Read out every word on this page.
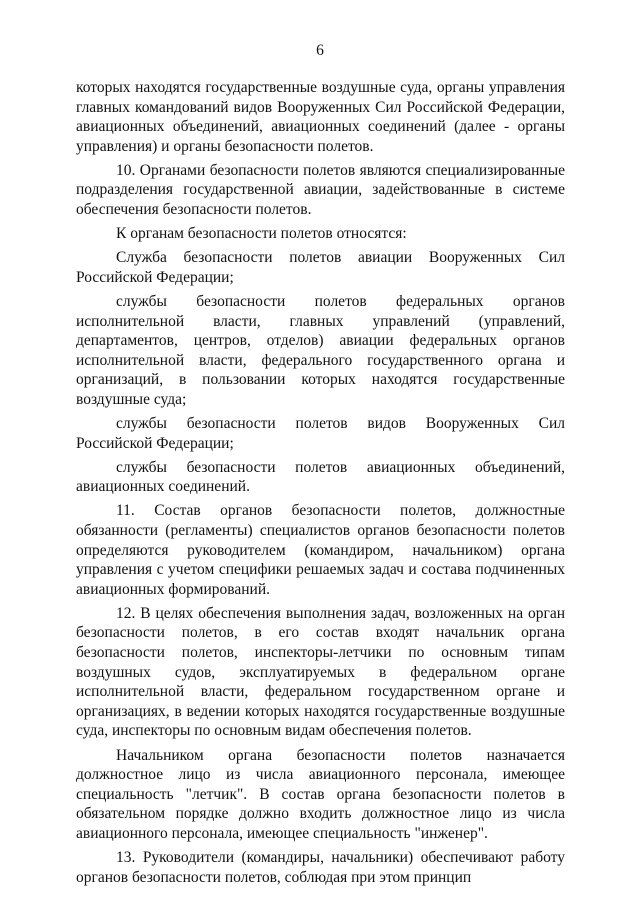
6

которых находятся государственные воздушные суда, органы управления главных командований видов Вооруженных Сил Российской Федерации, авиационных объединений, авиационных соединений (далее - органы управления) и органы безопасности полетов.

10. Органами безопасности полетов являются специализированные подразделения государственной авиации, задействованные в системе обеспечения безопасности полетов.

К органам безопасности полетов относятся:

Служба безопасности полетов авиации Вооруженных Сил Российской Федерации;

службы безопасности полетов федеральных органов исполнительной власти, главных управлений (управлений, департаментов, центров, отделов) авиации федеральных органов исполнительной власти, федерального государственного органа и организаций, в пользовании которых находятся государственные воздушные суда;

службы безопасности полетов видов Вооруженных Сил Российской Федерации;

службы безопасности полетов авиационных объединений, авиационных соединений.

11. Состав органов безопасности полетов, должностные обязанности (регламенты) специалистов органов безопасности полетов определяются руководителем (командиром, начальником) органа управления с учетом специфики решаемых задач и состава подчиненных авиационных формирований.

12. В целях обеспечения выполнения задач, возложенных на орган безопасности полетов, в его состав входят начальник органа безопасности полетов, инспекторы-летчики по основным типам воздушных судов, эксплуатируемых в федеральном органе исполнительной власти, федеральном государственном органе и организациях, в ведении которых находятся государственные воздушные суда, инспекторы по основным видам обеспечения полетов.

Начальником органа безопасности полетов назначается должностное лицо из числа авиационного персонала, имеющее специальность "летчик". В состав органа безопасности полетов в обязательном порядке должно входить должностное лицо из числа авиационного персонала, имеющее специальность "инженер".

13. Руководители (командиры, начальники) обеспечивают работу органов безопасности полетов, соблюдая при этом принцип
